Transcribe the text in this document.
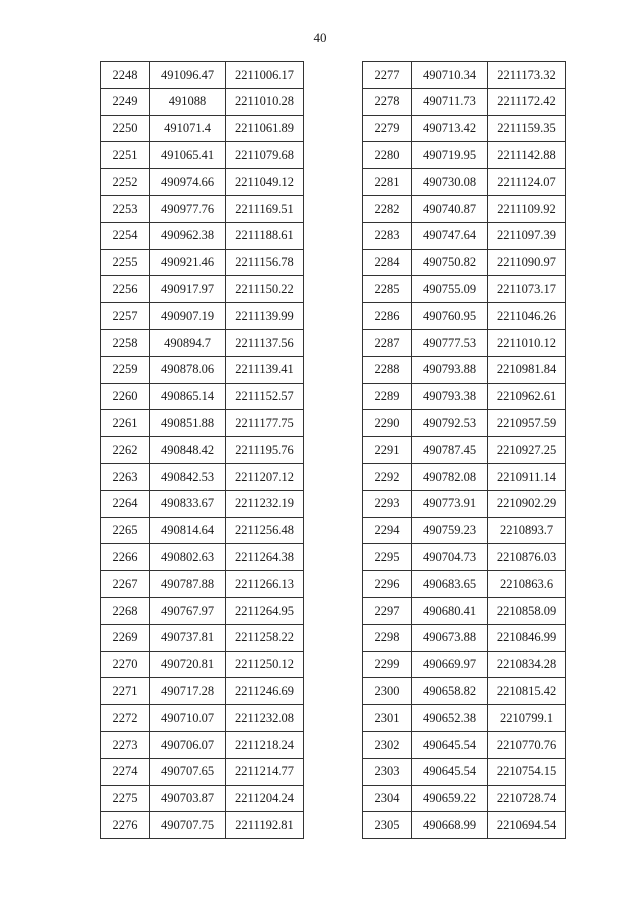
40
2248	491096.47	2211006.17
2249	491088	2211010.28
2250	491071.4	2211061.89
2251	491065.41	2211079.68
2252	490974.66	2211049.12
2253	490977.76	2211169.51
2254	490962.38	2211188.61
2255	490921.46	2211156.78
2256	490917.97	2211150.22
2257	490907.19	2211139.99
2258	490894.7	2211137.56
2259	490878.06	2211139.41
2260	490865.14	2211152.57
2261	490851.88	2211177.75
2262	490848.42	2211195.76
2263	490842.53	2211207.12
2264	490833.67	2211232.19
2265	490814.64	2211256.48
2266	490802.63	2211264.38
2267	490787.88	2211266.13
2268	490767.97	2211264.95
2269	490737.81	2211258.22
2270	490720.81	2211250.12
2271	490717.28	2211246.69
2272	490710.07	2211232.08
2273	490706.07	2211218.24
2274	490707.65	2211214.77
2275	490703.87	2211204.24
2276	490707.75	2211192.81
2277	490710.34	2211173.32
2278	490711.73	2211172.42
2279	490713.42	2211159.35
2280	490719.95	2211142.88
2281	490730.08	2211124.07
2282	490740.87	2211109.92
2283	490747.64	2211097.39
2284	490750.82	2211090.97
2285	490755.09	2211073.17
2286	490760.95	2211046.26
2287	490777.53	2211010.12
2288	490793.88	2210981.84
2289	490793.38	2210962.61
2290	490792.53	2210957.59
2291	490787.45	2210927.25
2292	490782.08	2210911.14
2293	490773.91	2210902.29
2294	490759.23	2210893.7
2295	490704.73	2210876.03
2296	490683.65	2210863.6
2297	490680.41	2210858.09
2298	490673.88	2210846.99
2299	490669.97	2210834.28
2300	490658.82	2210815.42
2301	490652.38	2210799.1
2302	490645.54	2210770.76
2303	490645.54	2210754.15
2304	490659.22	2210728.74
2305	490668.99	2210694.54
